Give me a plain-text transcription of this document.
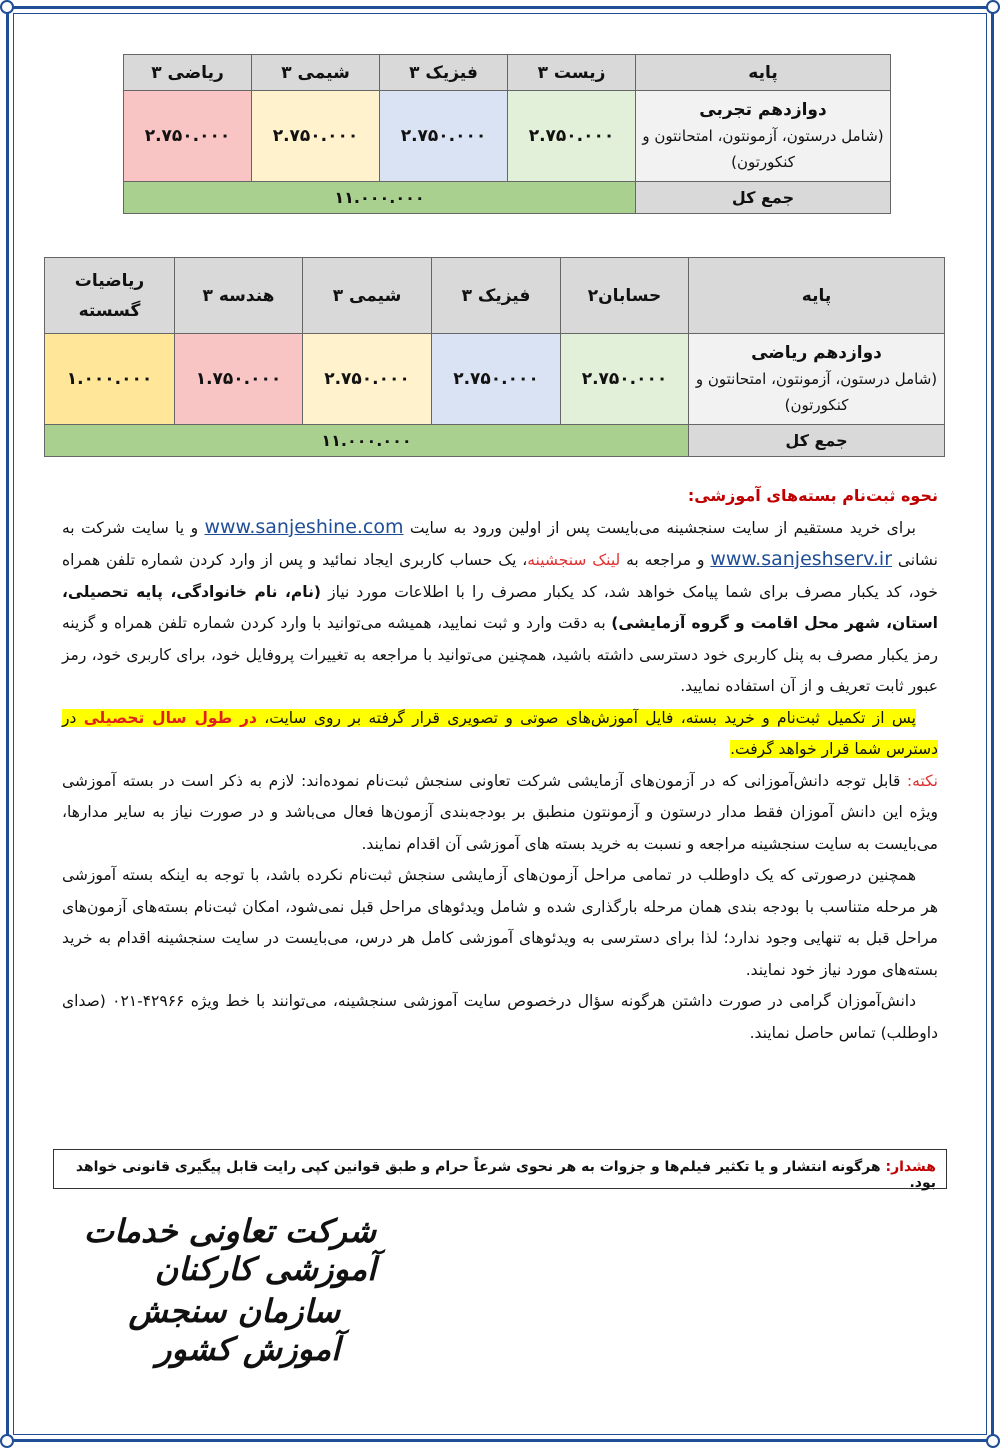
پایه	زیست ۳	فیزیک ۳	شیمی ۳	ریاضی ۳

دوازدهم تجربی
(شامل درستون، آزمونتون، امتحانتون و کنکورتون)	۲.۷۵۰.۰۰۰	۲.۷۵۰.۰۰۰	۲.۷۵۰.۰۰۰	۲.۷۵۰.۰۰۰
جمع کل	۱۱.۰۰۰.۰۰۰			
پایه	حسابان۲	فیزیک ۳	شیمی ۳	هندسه ۳	ریاضیات گسسته

دوازدهم ریاضی
(شامل درستون، آزمونتون، امتحانتون و کنکورتون)	۲.۷۵۰.۰۰۰	۲.۷۵۰.۰۰۰	۲.۷۵۰.۰۰۰	۱.۷۵۰.۰۰۰	۱.۰۰۰.۰۰۰
جمع کل	۱۱.۰۰۰.۰۰۰				

نحوه ثبت‌نام بسته‌های آموزشی:

برای خرید مستقیم از سایت سنجشینه می‌بایست پس از اولین ورود به سایت www.sanjeshine.com و یا سایت شرکت به نشانی www.sanjeshserv.ir و مراجعه به لینک سنجشینه، یک حساب کاربری ایجاد نمائید و پس از وارد کردن شماره تلفن همراه خود، کد یکبار مصرف برای شما پیامک خواهد شد، کد یکبار مصرف را با اطلاعات مورد نیاز (نام، نام خانوادگی، پایه تحصیلی، استان، شهر محل اقامت و گروه آزمایشی) به دقت وارد و ثبت نمایید، همیشه می‌توانید با وارد کردن شماره تلفن همراه و گزینه رمز یکبار مصرف به پنل کاربری خود دسترسی داشته باشید، همچنین می‌توانید با مراجعه به تغییرات پروفایل خود، برای کاربری خود، رمز عبور ثابت تعریف و از آن استفاده نمایید.

پس از تکمیل ثبت‌نام و خرید بسته، فایل آموزش‌های صوتی و تصویری قرار گرفته بر روی سایت، در طول سال تحصیلی در دسترس شما قرار خواهد گرفت.

نکته: قابل توجه دانش‌آموزانی که در آزمون‌های آزمایشی شرکت تعاونی سنجش ثبت‌نام نموده‌اند: لازم به ذکر است در بسته آموزشی ویژه این دانش آموزان فقط مدار درستون و آزمونتون منطبق بر بودجه‌بندی آزمون‌ها فعال می‌باشد و در صورت نیاز به سایر مدارها، می‌بایست به سایت سنجشینه مراجعه و نسبت به خرید بسته های آموزشی آن اقدام نمایند.

همچنین درصورتی که یک داوطلب در تمامی مراحل آزمون‌های آزمایشی سنجش ثبت‌نام نکرده باشد، با توجه به اینکه بسته آموزشی هر مرحله متناسب با بودجه بندی همان مرحله بارگذاری شده و شامل ویدئوهای مراحل قبل نمی‌شود، امکان ثبت‌نام بسته‌های آزمون‌های مراحل قبل به تنهایی وجود ندارد؛ لذا برای دسترسی به ویدئوهای آموزشی کامل هر درس، می‌بایست در سایت سنجشینه اقدام به خرید بسته‌های مورد نیاز خود نمایند.

دانش‌آموزان گرامی در صورت داشتن هرگونه سؤال درخصوص سایت آموزشی سنجشینه، می‌توانند با خط ویژه ۴۲۹۶۶-۰۲۱ (صدای داوطلب) تماس حاصل نمایند.

هشدار: هرگونه انتشار و یا تکثیر فیلم‌ها و جزوات به هر نحوی شرعاً حرام و طبق قوانین کپی رایت قابل پیگیری قانونی خواهد بود.
شرکت تعاونی خدمات آموزشی کارکنان
سازمان سنجش آموزش کشور
